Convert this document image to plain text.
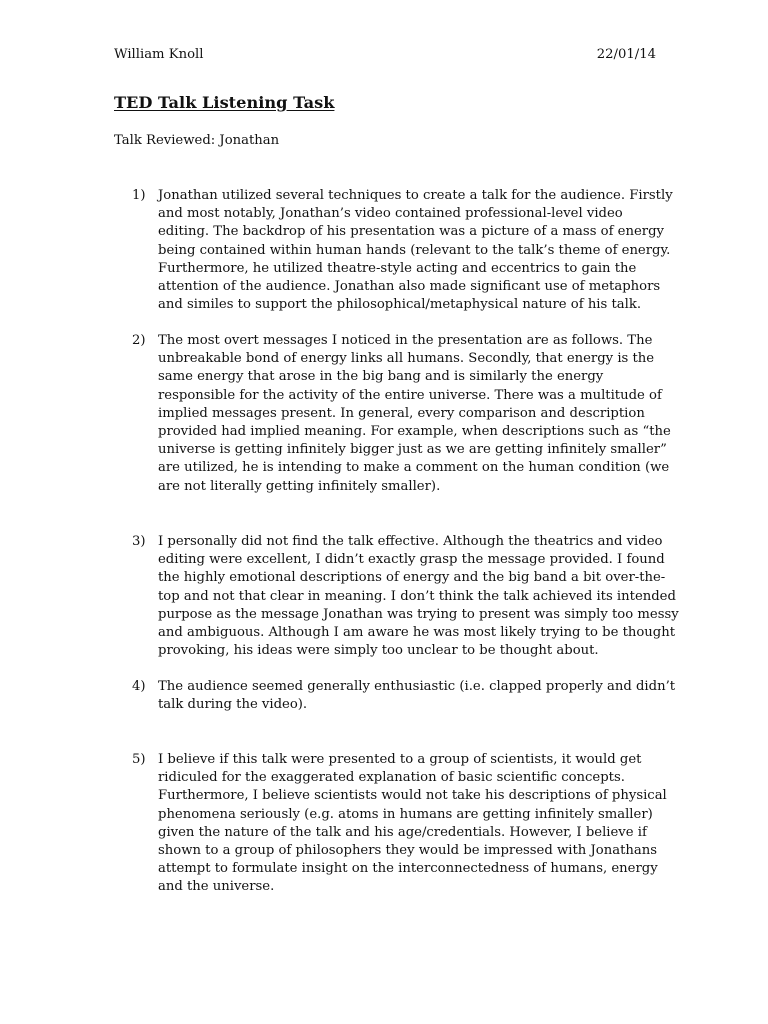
William Knoll	22/01/14
TED Talk Listening Task
Talk Reviewed: Jonathan
1) Jonathan utilized several techniques to create a talk for the audience. Firstly
and most notably, Jonathan’s video contained professional-level video
editing. The backdrop of his presentation was a picture of a mass of energy
being contained within human hands (relevant to the talk’s theme of energy.
Furthermore, he utilized theatre-style acting and eccentrics to gain the
attention of the audience. Jonathan also made significant use of metaphors
and similes to support the philosophical/metaphysical nature of his talk.
2) The most overt messages I noticed in the presentation are as follows. The
unbreakable bond of energy links all humans. Secondly, that energy is the
same energy that arose in the big bang and is similarly the energy
responsible for the activity of the entire universe. There was a multitude of
implied messages present. In general, every comparison and description
provided had implied meaning. For example, when descriptions such as “the
universe is getting infinitely bigger just as we are getting infinitely smaller”
are utilized, he is intending to make a comment on the human condition (we
are not literally getting infinitely smaller).
3) I personally did not find the talk effective. Although the theatrics and video
editing were excellent, I didn’t exactly grasp the message provided. I found
the highly emotional descriptions of energy and the big band a bit over-the-
top and not that clear in meaning. I don’t think the talk achieved its intended
purpose as the message Jonathan was trying to present was simply too messy
and ambiguous. Although I am aware he was most likely trying to be thought
provoking, his ideas were simply too unclear to be thought about.
4) The audience seemed generally enthusiastic (i.e. clapped properly and didn’t
talk during the video).
5) I believe if this talk were presented to a group of scientists, it would get
ridiculed for the exaggerated explanation of basic scientific concepts.
Furthermore, I believe scientists would not take his descriptions of physical
phenomena seriously (e.g. atoms in humans are getting infinitely smaller)
given the nature of the talk and his age/credentials. However, I believe if
shown to a group of philosophers they would be impressed with Jonathans
attempt to formulate insight on the interconnectedness of humans, energy
and the universe.
